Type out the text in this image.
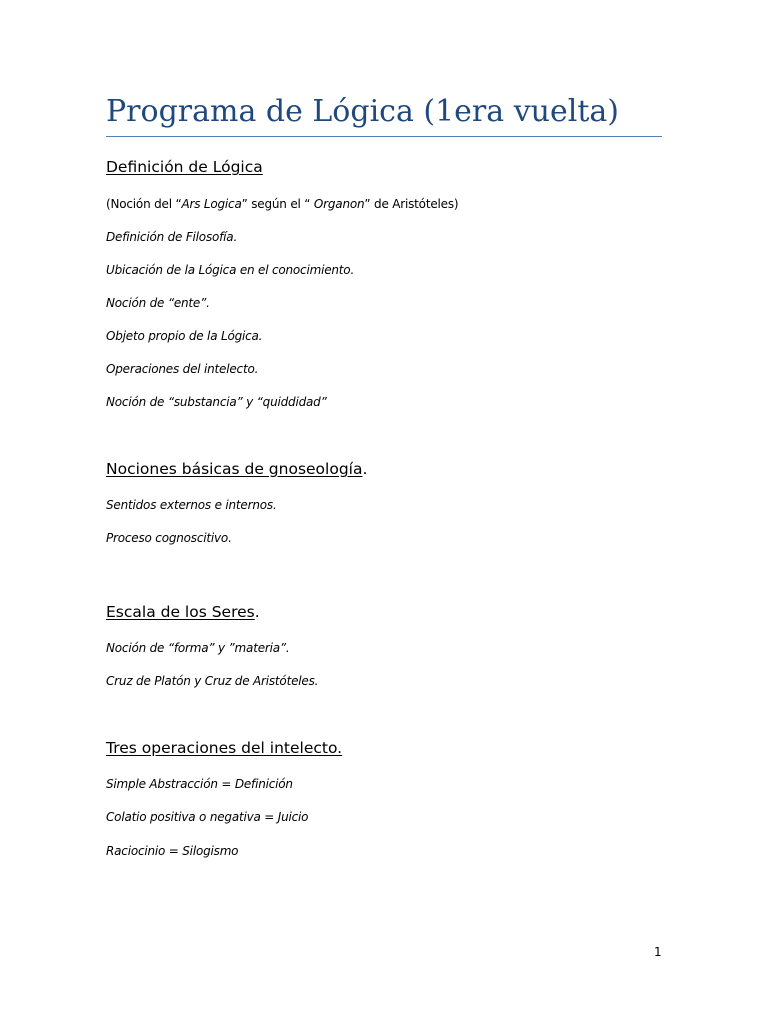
Programa de Lógica (1era vuelta)
Definición de Lógica
(Noción del “Ars Logica” según el “ Organon” de Aristóteles)
Definición de Filosofía.
Ubicación de la Lógica en el conocimiento.
Noción de “ente”.
Objeto propio de la Lógica.
Operaciones del intelecto.
Noción de “substancia” y “quiddidad”
Nociones básicas de gnoseología.
Sentidos externos e internos.
Proceso cognoscitivo.
Escala de los Seres.
Noción de “forma” y ”materia”.
Cruz de Platón y Cruz de Aristóteles.
Tres operaciones del intelecto.
Simple Abstracción = Definición
Colatio positiva o negativa = Juicio
Raciocinio = Silogismo
1
